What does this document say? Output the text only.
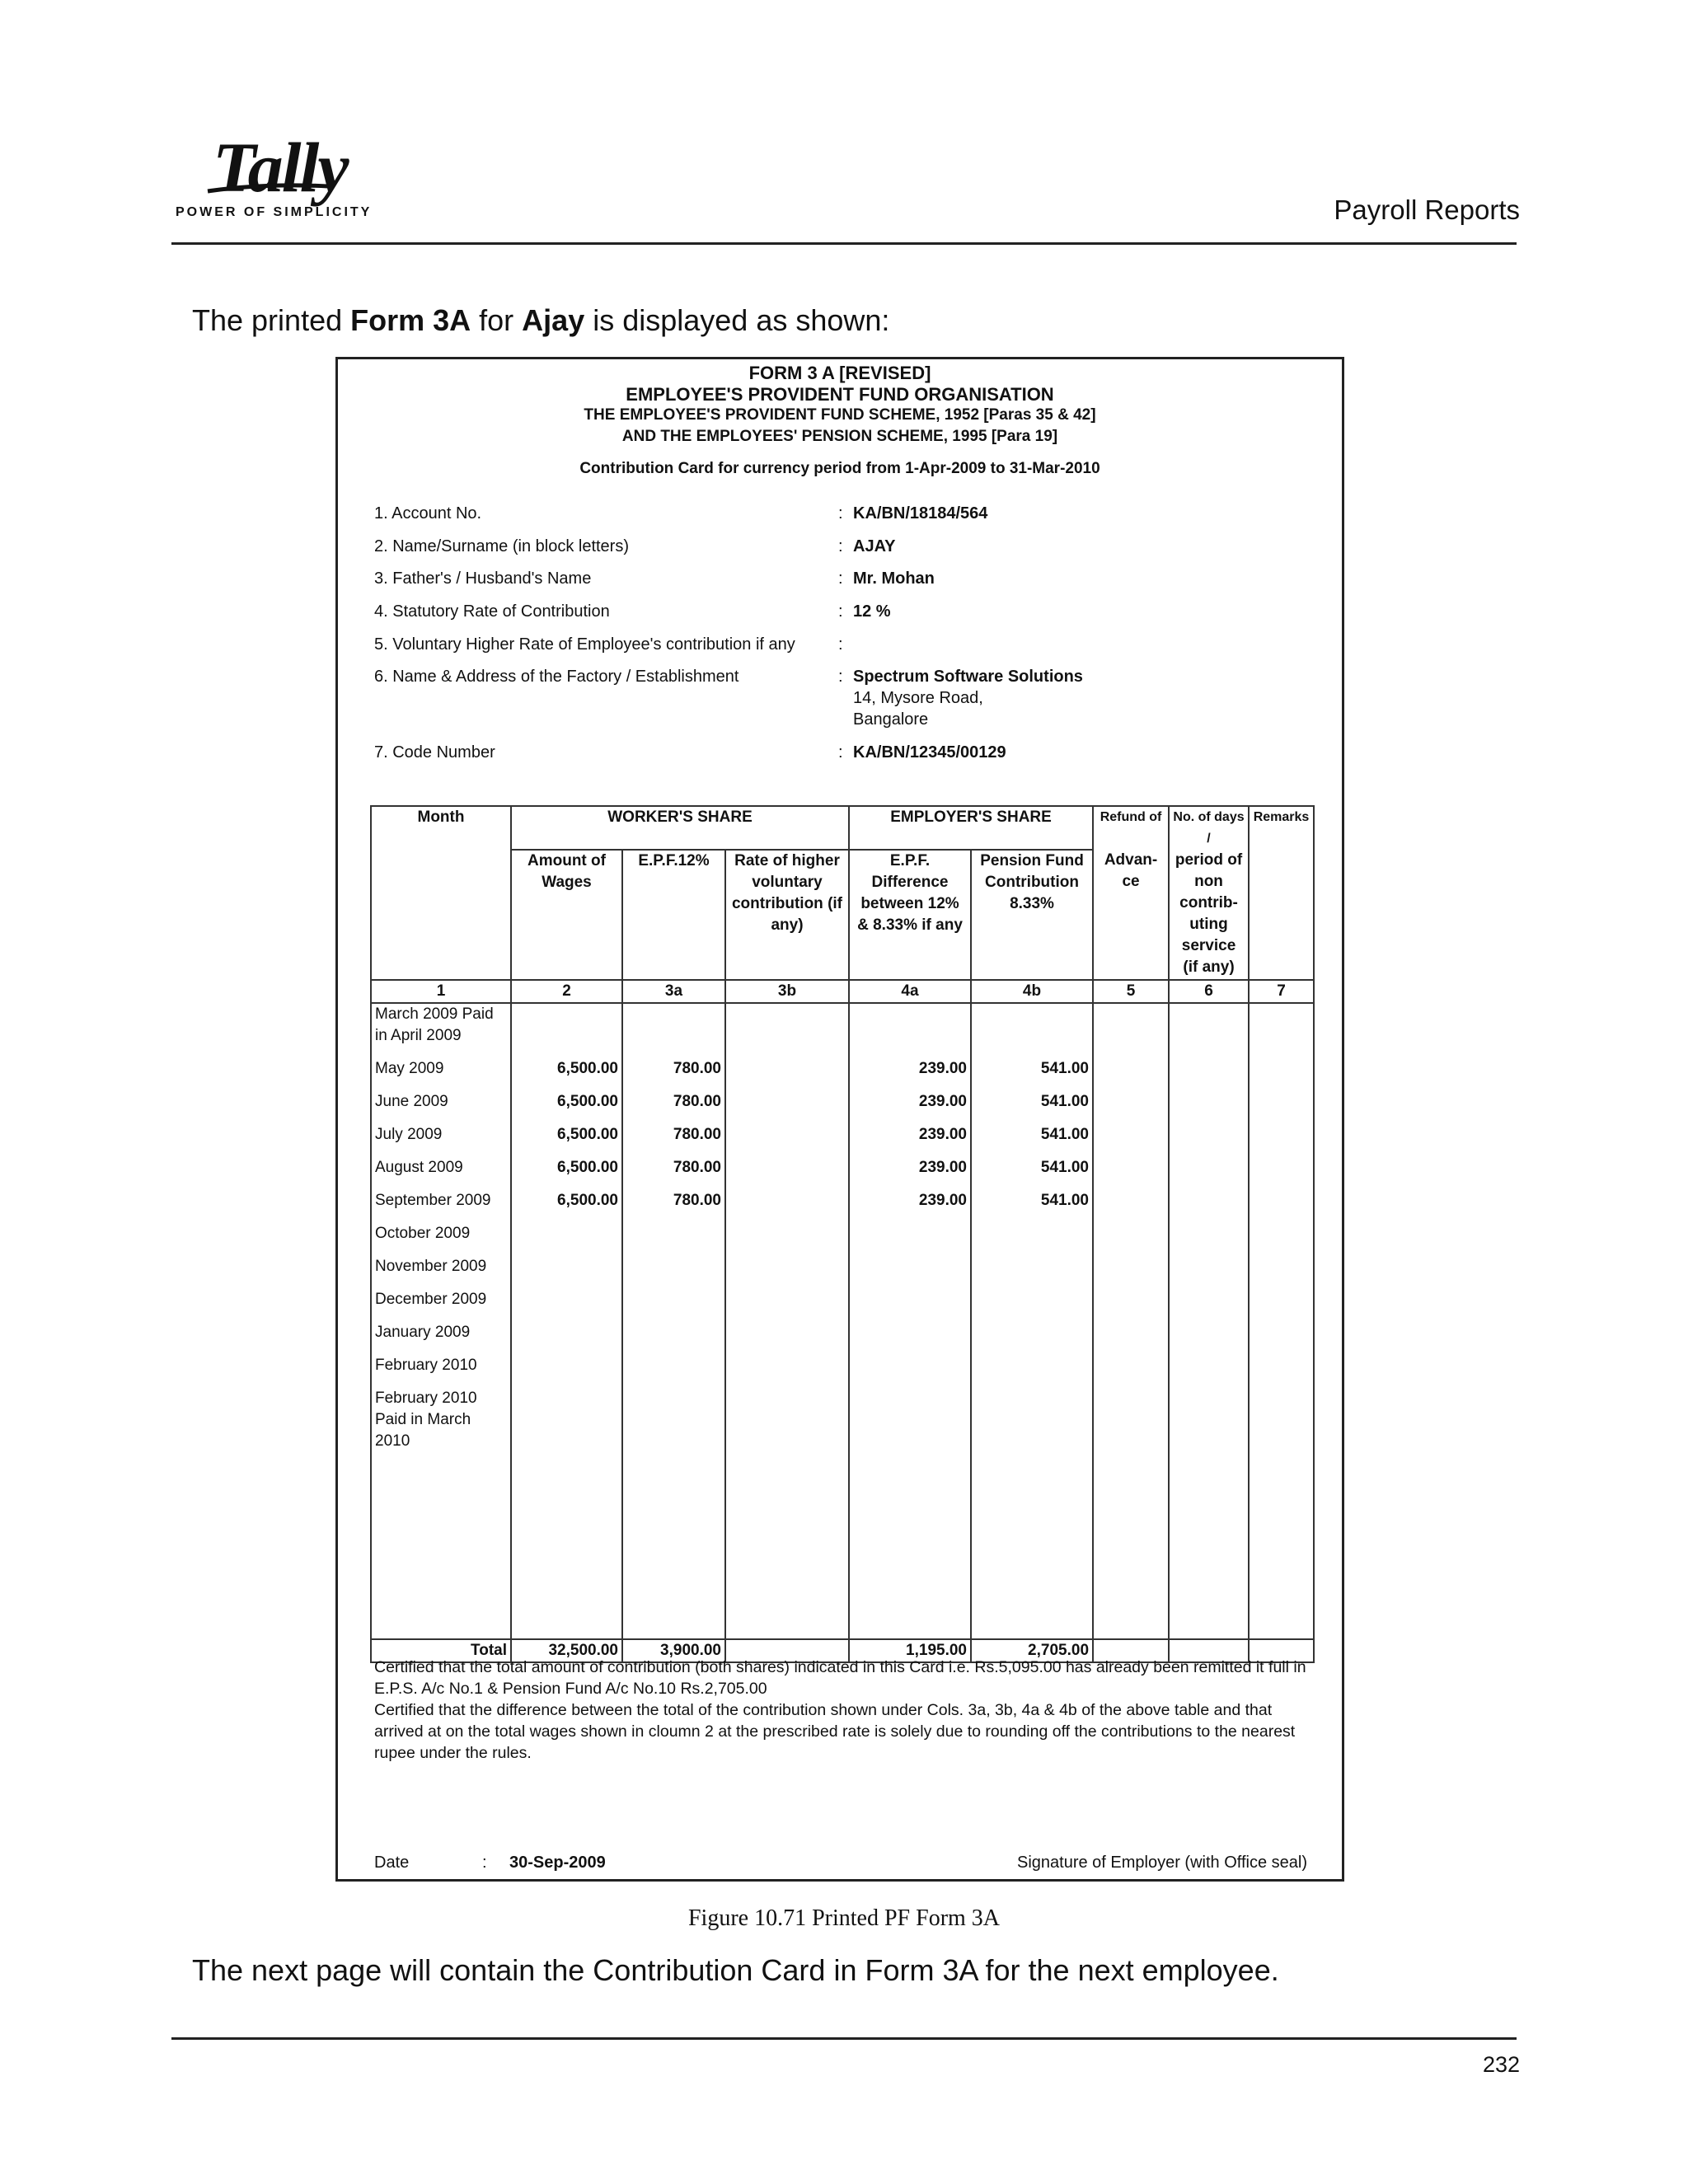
Tally
POWER OF SIMPLICITY	Payroll Reports
The printed Form 3A for Ajay is displayed as shown:
FORM 3 A [REVISED]
EMPLOYEE'S PROVIDENT FUND ORGANISATION
THE EMPLOYEE'S PROVIDENT FUND SCHEME, 1952 [Paras 35 & 42]
AND THE EMPLOYEES' PENSION SCHEME, 1995 [Para 19]
Contribution Card for currency period from 1-Apr-2009 to 31-Mar-2010
1. Account No.	: KA/BN/18184/564
2. Name/Surname (in block letters)	: AJAY
3. Father's / Husband's Name	: Mr. Mohan
4. Statutory Rate of Contribution	: 12 %
5. Voluntary Higher Rate of Employee's contribution if any	:
6. Name & Address of the Factory / Establishment	: Spectrum Software Solutions
14, Mysore Road,
Bangalore
7. Code Number	: KA/BN/12345/00129
Month	WORKER'S SHARE			EMPLOYER'S SHARE		Refund of	No. of days /	Remarks
	Amount of Wages	E.P.F.12%	Rate of higher voluntary contribution (if any)	E.P.F. Difference between 12% & 8.33% if any	Pension Fund Contribution 8.33%	Advan- ce	period of non contrib- uting service (if any)	
1	2	3a	3b	4a	4b	5	6	7
March 2009 Paid in April 2009								
May 2009	6,500.00	780.00		239.00	541.00			
June 2009	6,500.00	780.00		239.00	541.00			
July 2009	6,500.00	780.00		239.00	541.00			
August 2009	6,500.00	780.00		239.00	541.00			
September 2009	6,500.00	780.00		239.00	541.00			
October 2009								
November 2009								
December 2009								
January 2009								
February 2010								
February 2010 Paid in March 2010								

Total	32,500.00	3,900.00		1,195.00	2,705.00			
Certified that the total amount of contribution (both shares) indicated in this Card i.e. Rs.5,095.00 has already been remitted it full in E.P.S. A/c No.1 & Pension Fund A/c No.10 Rs.2,705.00
Certified that the difference between the total of the contribution shown under Cols. 3a, 3b, 4a & 4b of the above table and that arrived at on the total wages shown in cloumn 2 at the prescribed rate is solely due to rounding off the contributions to the nearest rupee under the rules.
Date	: 30-Sep-2009	Signature of Employer (with Office seal)
Figure 10.71 Printed PF Form 3A
The next page will contain the Contribution Card in Form 3A for the next employee.
232
